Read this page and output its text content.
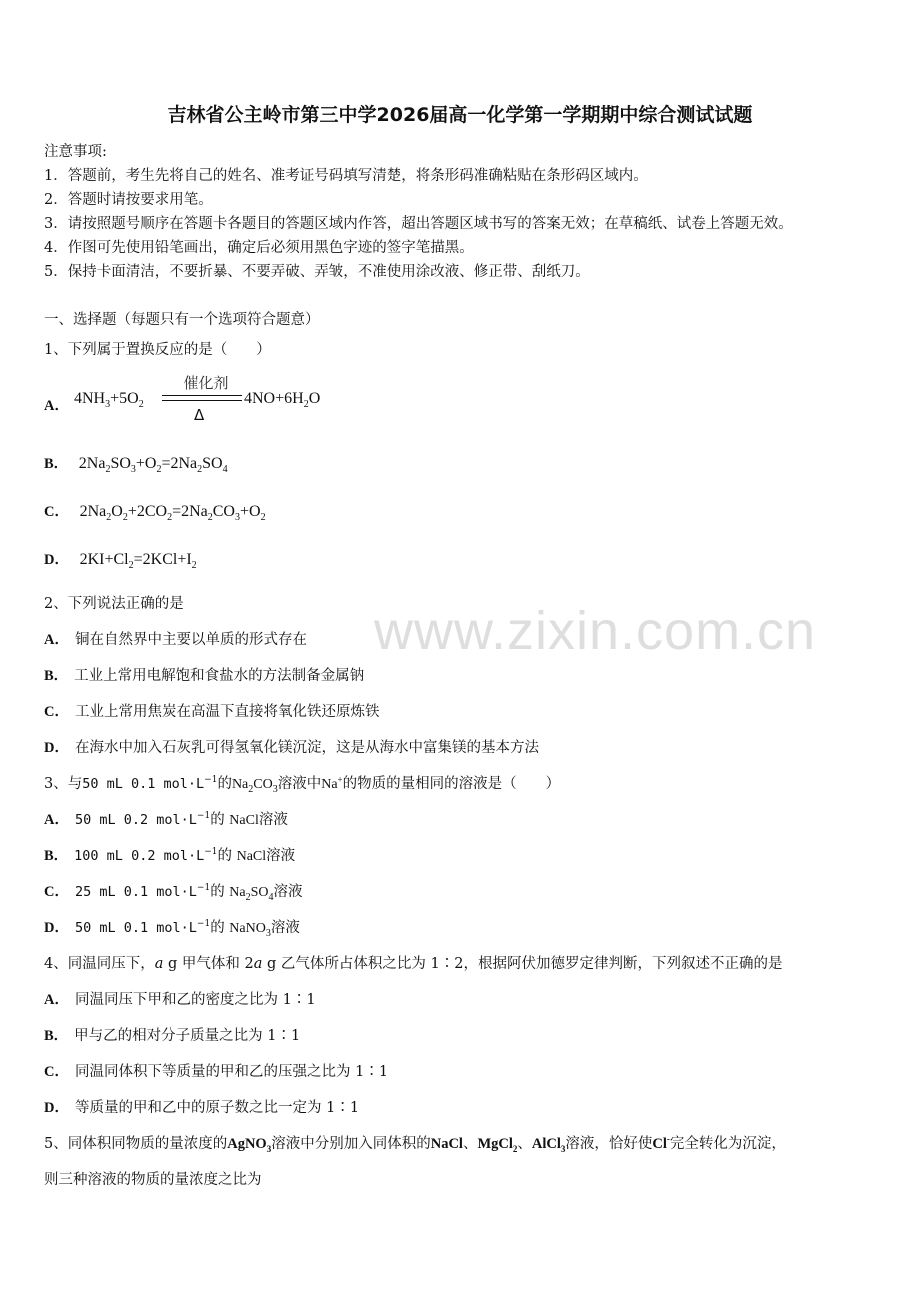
www.zixin.com.cn
吉林省公主岭市第三中学2026届高一化学第一学期期中综合测试试题
注意事项:
1．答题前，考生先将自己的姓名、准考证号码填写清楚，将条形码准确粘贴在条形码区域内。
2．答题时请按要求用笔。
3．请按照题号顺序在答题卡各题目的答题区域内作答，超出答题区域书写的答案无效；在草稿纸、试卷上答题无效。
4．作图可先使用铅笔画出，确定后必须用黑色字迹的签字笔描黑。
5．保持卡面清洁，不要折暴、不要弄破、弄皱，不准使用涂改液、修正带、刮纸刀。
一、选择题（每题只有一个选项符合题意）
1、下列属于置换反应的是（　　）
A． $4NH_3+5O_2$
催化剂
Δ
$4NO+6H_2O$
B． $2Na_2SO_3+O_2=2Na_2SO_4$
C． $2Na_2O_2+2CO_2=2Na_2CO_3+O_2$
D． $2KI+Cl_2=2KCl+I_2$
2、下列说法正确的是
A． 铜在自然界中主要以单质的形式存在
B． 工业上常用电解饱和食盐水的方法制备金属钠
C． 工业上常用焦炭在高温下直接将氧化铁还原炼铁
D． 在海水中加入石灰乳可得氢氧化镁沉淀，这是从海水中富集镁的基本方法
3、与50 mL 0.1 $mol\cdot L^{-1}$的$Na_2CO_3$溶液中Na+的物质的量相同的溶液是（　　）
A． 50 mL 0.2 $mol\cdot L^{-1}$的 NaCl溶液
B． 100 mL 0.2 $mol\cdot L^{-1}$的 NaCl溶液
C． 25 mL 0.1 $mol\cdot L^{-1}$的 $Na_2SO_4$溶液
D． 50 mL 0.1 $mol\cdot L^{-1}$的 NaNO$_3$溶液
4、同温同压下，a g 甲气体和 2a g 乙气体所占体积之比为 1∶2，根据阿伏加德罗定律判断，下列叙述不正确的是
A． 同温同压下甲和乙的密度之比为 1∶1
B． 甲与乙的相对分子质量之比为 1∶1
C． 同温同体积下等质量的甲和乙的压强之比为 1∶1
D． 等质量的甲和乙中的原子数之比一定为 1∶1
5、同体积同物质的量浓度的AgNO$_3$溶液中分别加入同体积的NaCl、MgCl$_2$、AlCl$_3$溶液，恰好使Cl-完全转化为沉淀，
则三种溶液的物质的量浓度之比为
